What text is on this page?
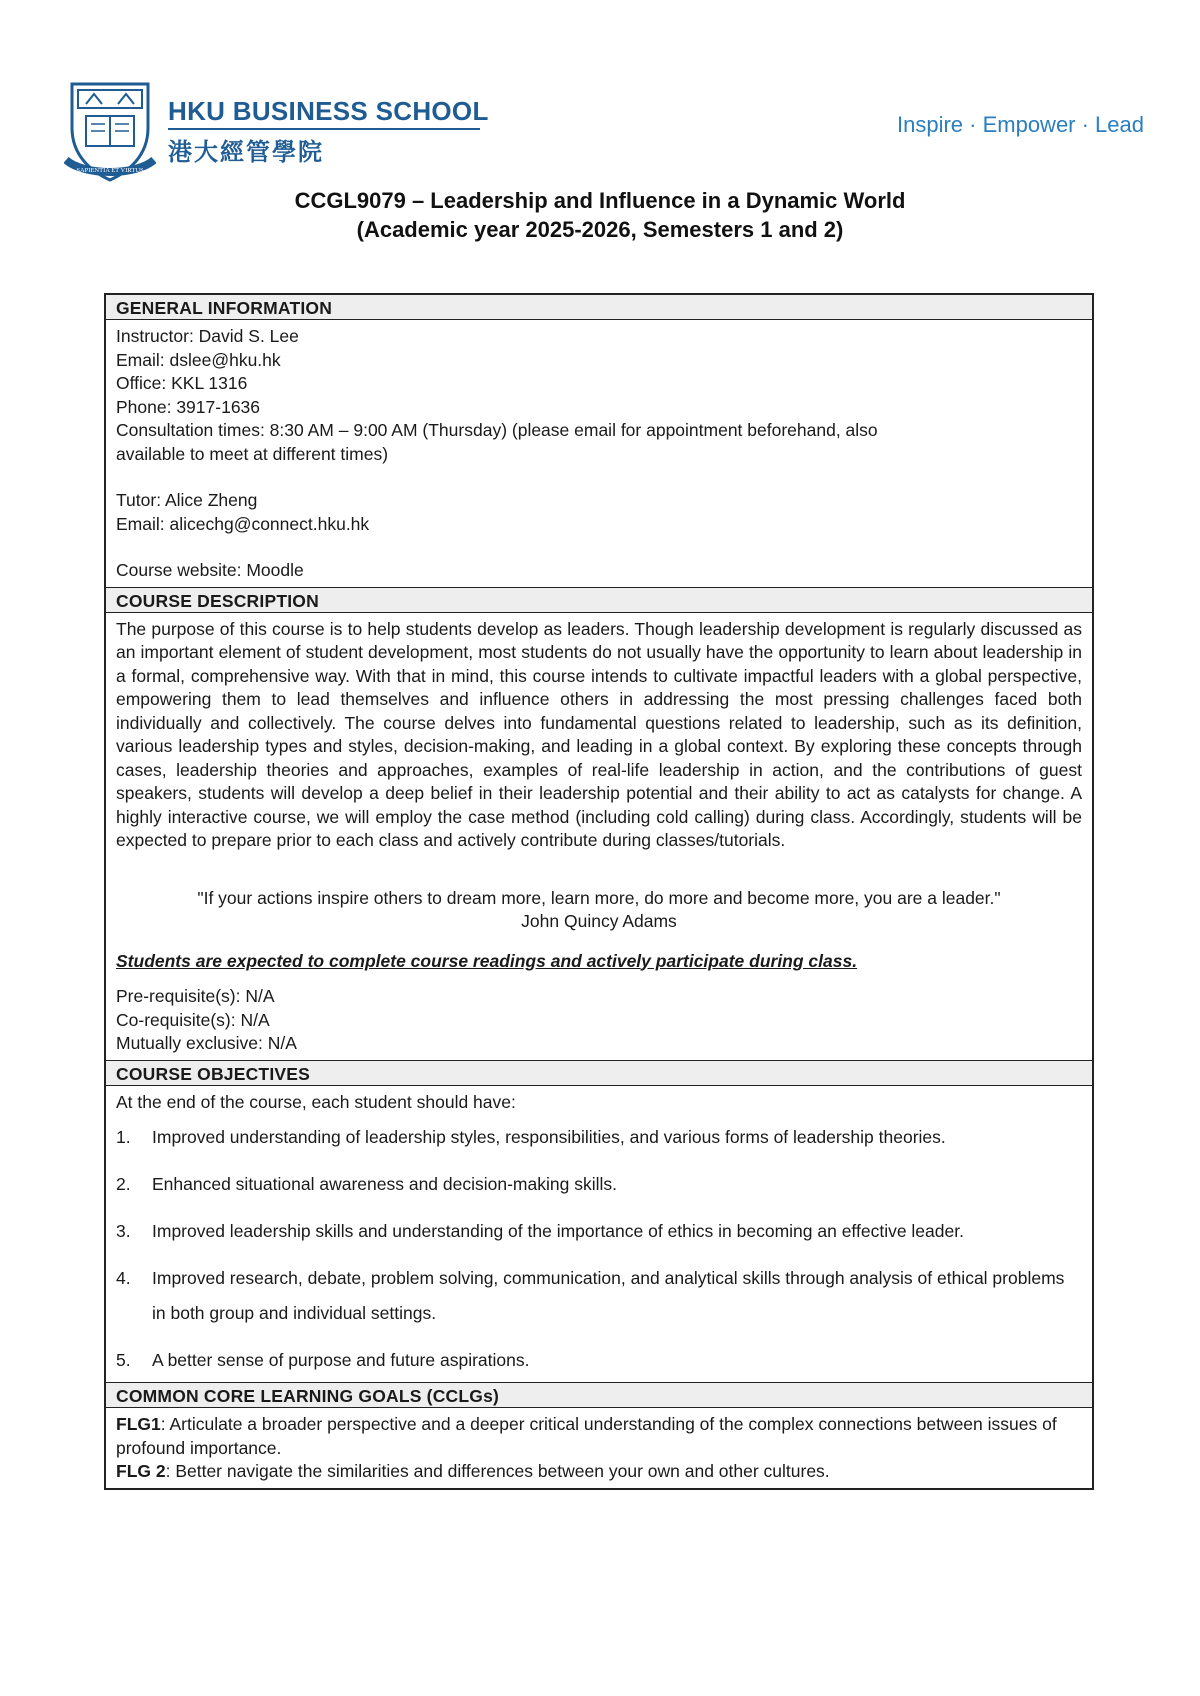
SAPIENTIA ET VIRTUS
HKU BUSINESS SCHOOL
港大經管學院
Inspire · Empower · Lead
CCGL9079 – Leadership and Influence in a Dynamic World
(Academic year 2025-2026, Semesters 1 and 2)
GENERAL INFORMATION
Instructor: David S. Lee
Email: dslee@hku.hk
Office: KKL 1316
Phone: 3917-1636
Consultation times: 8:30 AM – 9:00 AM (Thursday) (please email for appointment beforehand, also
available to meet at different times)
Tutor: Alice Zheng
Email: alicechg@connect.hku.hk
Course website: Moodle
COURSE DESCRIPTION
The purpose of this course is to help students develop as leaders. Though leadership development is regularly discussed as an important element of student development, most students do not usually have the opportunity to learn about leadership in a formal, comprehensive way. With that in mind, this course intends to cultivate impactful leaders with a global perspective, empowering them to lead themselves and influence others in addressing the most pressing challenges faced both individually and collectively. The course delves into fundamental questions related to leadership, such as its definition, various leadership types and styles, decision-making, and leading in a global context. By exploring these concepts through cases, leadership theories and approaches, examples of real-life leadership in action, and the contributions of guest speakers, students will develop a deep belief in their leadership potential and their ability to act as catalysts for change. A highly interactive course, we will employ the case method (including cold calling) during class. Accordingly, students will be expected to prepare prior to each class and actively contribute during classes/tutorials.
"If your actions inspire others to dream more, learn more, do more and become more, you are a leader."
John Quincy Adams
Students are expected to complete course readings and actively participate during class.
Pre-requisite(s): N/A
Co-requisite(s): N/A
Mutually exclusive: N/A
COURSE OBJECTIVES
At the end of the course, each student should have:
1.	Improved understanding of leadership styles, responsibilities, and various forms of leadership theories.
2.	Enhanced situational awareness and decision-making skills.
3.	Improved leadership skills and understanding of the importance of ethics in becoming an effective leader.
4.	Improved research, debate, problem solving, communication, and analytical skills through analysis of ethical problems in both group and individual settings.
5.	A better sense of purpose and future aspirations.
COMMON CORE LEARNING GOALS (CCLGs)
FLG1: Articulate a broader perspective and a deeper critical understanding of the complex connections between issues of profound importance.
FLG 2: Better navigate the similarities and differences between your own and other cultures.
